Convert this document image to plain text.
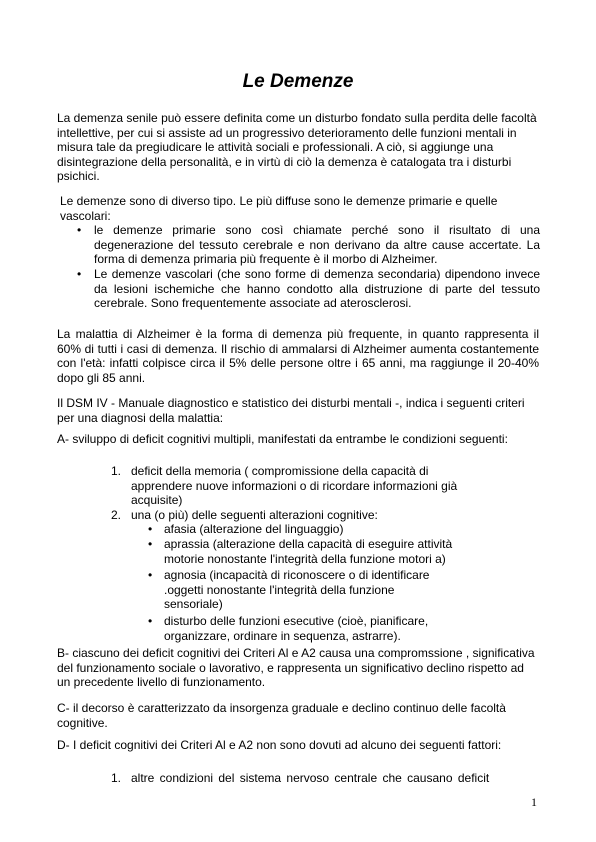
Le Demenze

La demenza senile può essere definita come un disturbo fondato sulla perdita delle facoltà intellettive, per cui si assiste ad un progressivo deterioramento delle funzioni mentali in misura tale da pregiudicare le attività sociali e professionali. A ciò, si aggiunge una disintegrazione della personalità, e in virtù di ciò la demenza è catalogata tra i disturbi psichici.

Le demenze sono di diverso tipo. Le più diffuse sono le demenze primarie e quelle vascolari:
• le demenze primarie sono così chiamate perché sono il risultato di una degenerazione del tessuto cerebrale e non derivano da altre cause accertate. La forma di demenza primaria più frequente è il morbo di Alzheimer.
• Le demenze vascolari (che sono forme di demenza secondaria) dipendono invece da lesioni ischemiche che hanno condotto alla distruzione di parte del tessuto cerebrale. Sono frequentemente associate ad aterosclerosi.

La malattia di Alzheimer è la forma di demenza più frequente, in quanto rappresenta il 60% di tutti i casi di demenza. Il rischio di ammalarsi di Alzheimer aumenta costantemente con l'età: infatti colpisce circa il 5% delle persone oltre i 65 anni, ma raggiunge il 20-40% dopo gli 85 anni.

Il DSM IV - Manuale diagnostico e statistico dei disturbi mentali -, indica i seguenti criteri per una diagnosi della malattia:

A- sviluppo di deficit cognitivi multipli, manifestati da entrambe le condizioni seguenti:
1. deficit della memoria ( compromissione della capacità di apprendere nuove informazioni o di ricordare informazioni già acquisite)
2. una (o più) delle seguenti alterazioni cognitive:
• afasia (alterazione del linguaggio)
• aprassia (alterazione della capacità di eseguire attività motorie nonostante l'integrità della funzione motori a)
• agnosia (incapacità di riconoscere o di identificare .oggetti nonostante l'integrità della funzione sensoriale)
• disturbo delle funzioni esecutive (cioè, pianificare, organizzare, ordinare in sequenza, astrarre).

B- ciascuno dei deficit cognitivi dei Criteri Al e A2 causa una compromssione , significativa del funzionamento sociale o lavorativo, e rappresenta un significativo declino rispetto ad un precedente livello di funzionamento.

C- il decorso è caratterizzato da insorgenza graduale e declino continuo delle facoltà cognitive.

D- I deficit cognitivi dei Criteri Al e A2 non sono dovuti ad alcuno dei seguenti fattori:
1. altre condizioni del sistema nervoso centrale che causano deficit
1
